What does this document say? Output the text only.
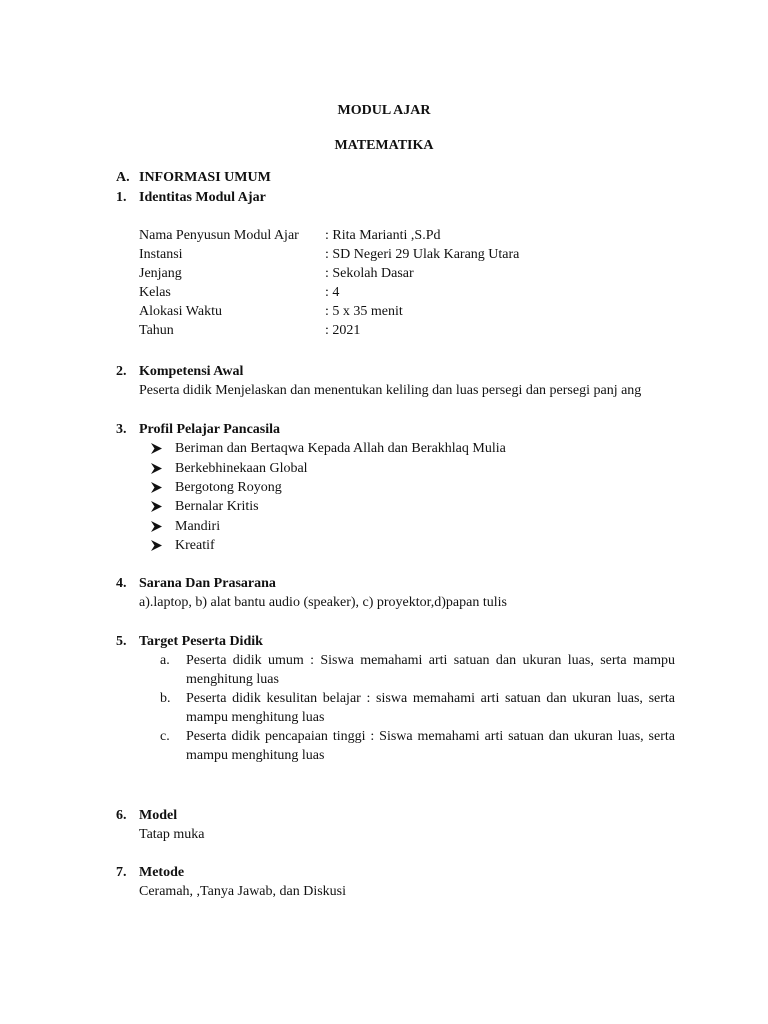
MODUL AJAR
MATEMATIKA
A. INFORMASI UMUM
1. Identitas Modul Ajar
Nama Penyusun Modul Ajar	: Rita Marianti ,S.Pd
Instansi	: SD Negeri 29 Ulak Karang Utara
Jenjang	: Sekolah Dasar
Kelas	: 4
Alokasi Waktu	: 5 x 35 menit
Tahun	: 2021
2. Kompetensi Awal
Peserta didik Menjelaskan dan menentukan keliling dan luas persegi dan persegi panj ang
3. Profil Pelajar Pancasila
Beriman dan Bertaqwa Kepada Allah dan Berakhlaq Mulia
Berkebhinekaan Global
Bergotong Royong
Bernalar Kritis
Mandiri
Kreatif
4. Sarana Dan Prasarana
a).laptop, b) alat bantu audio (speaker), c) proyektor,d)papan tulis
5. Target Peserta Didik
a.	Peserta didik umum : Siswa memahami arti satuan dan ukuran luas, serta mampu menghitung luas
b.	Peserta didik kesulitan belajar : siswa memahami arti satuan dan ukuran luas, serta mampu menghitung luas
c.	Peserta didik pencapaian tinggi : Siswa memahami arti satuan dan ukuran luas, serta mampu menghitung luas
6. Model
Tatap muka
7. Metode
Ceramah, ,Tanya Jawab, dan Diskusi
